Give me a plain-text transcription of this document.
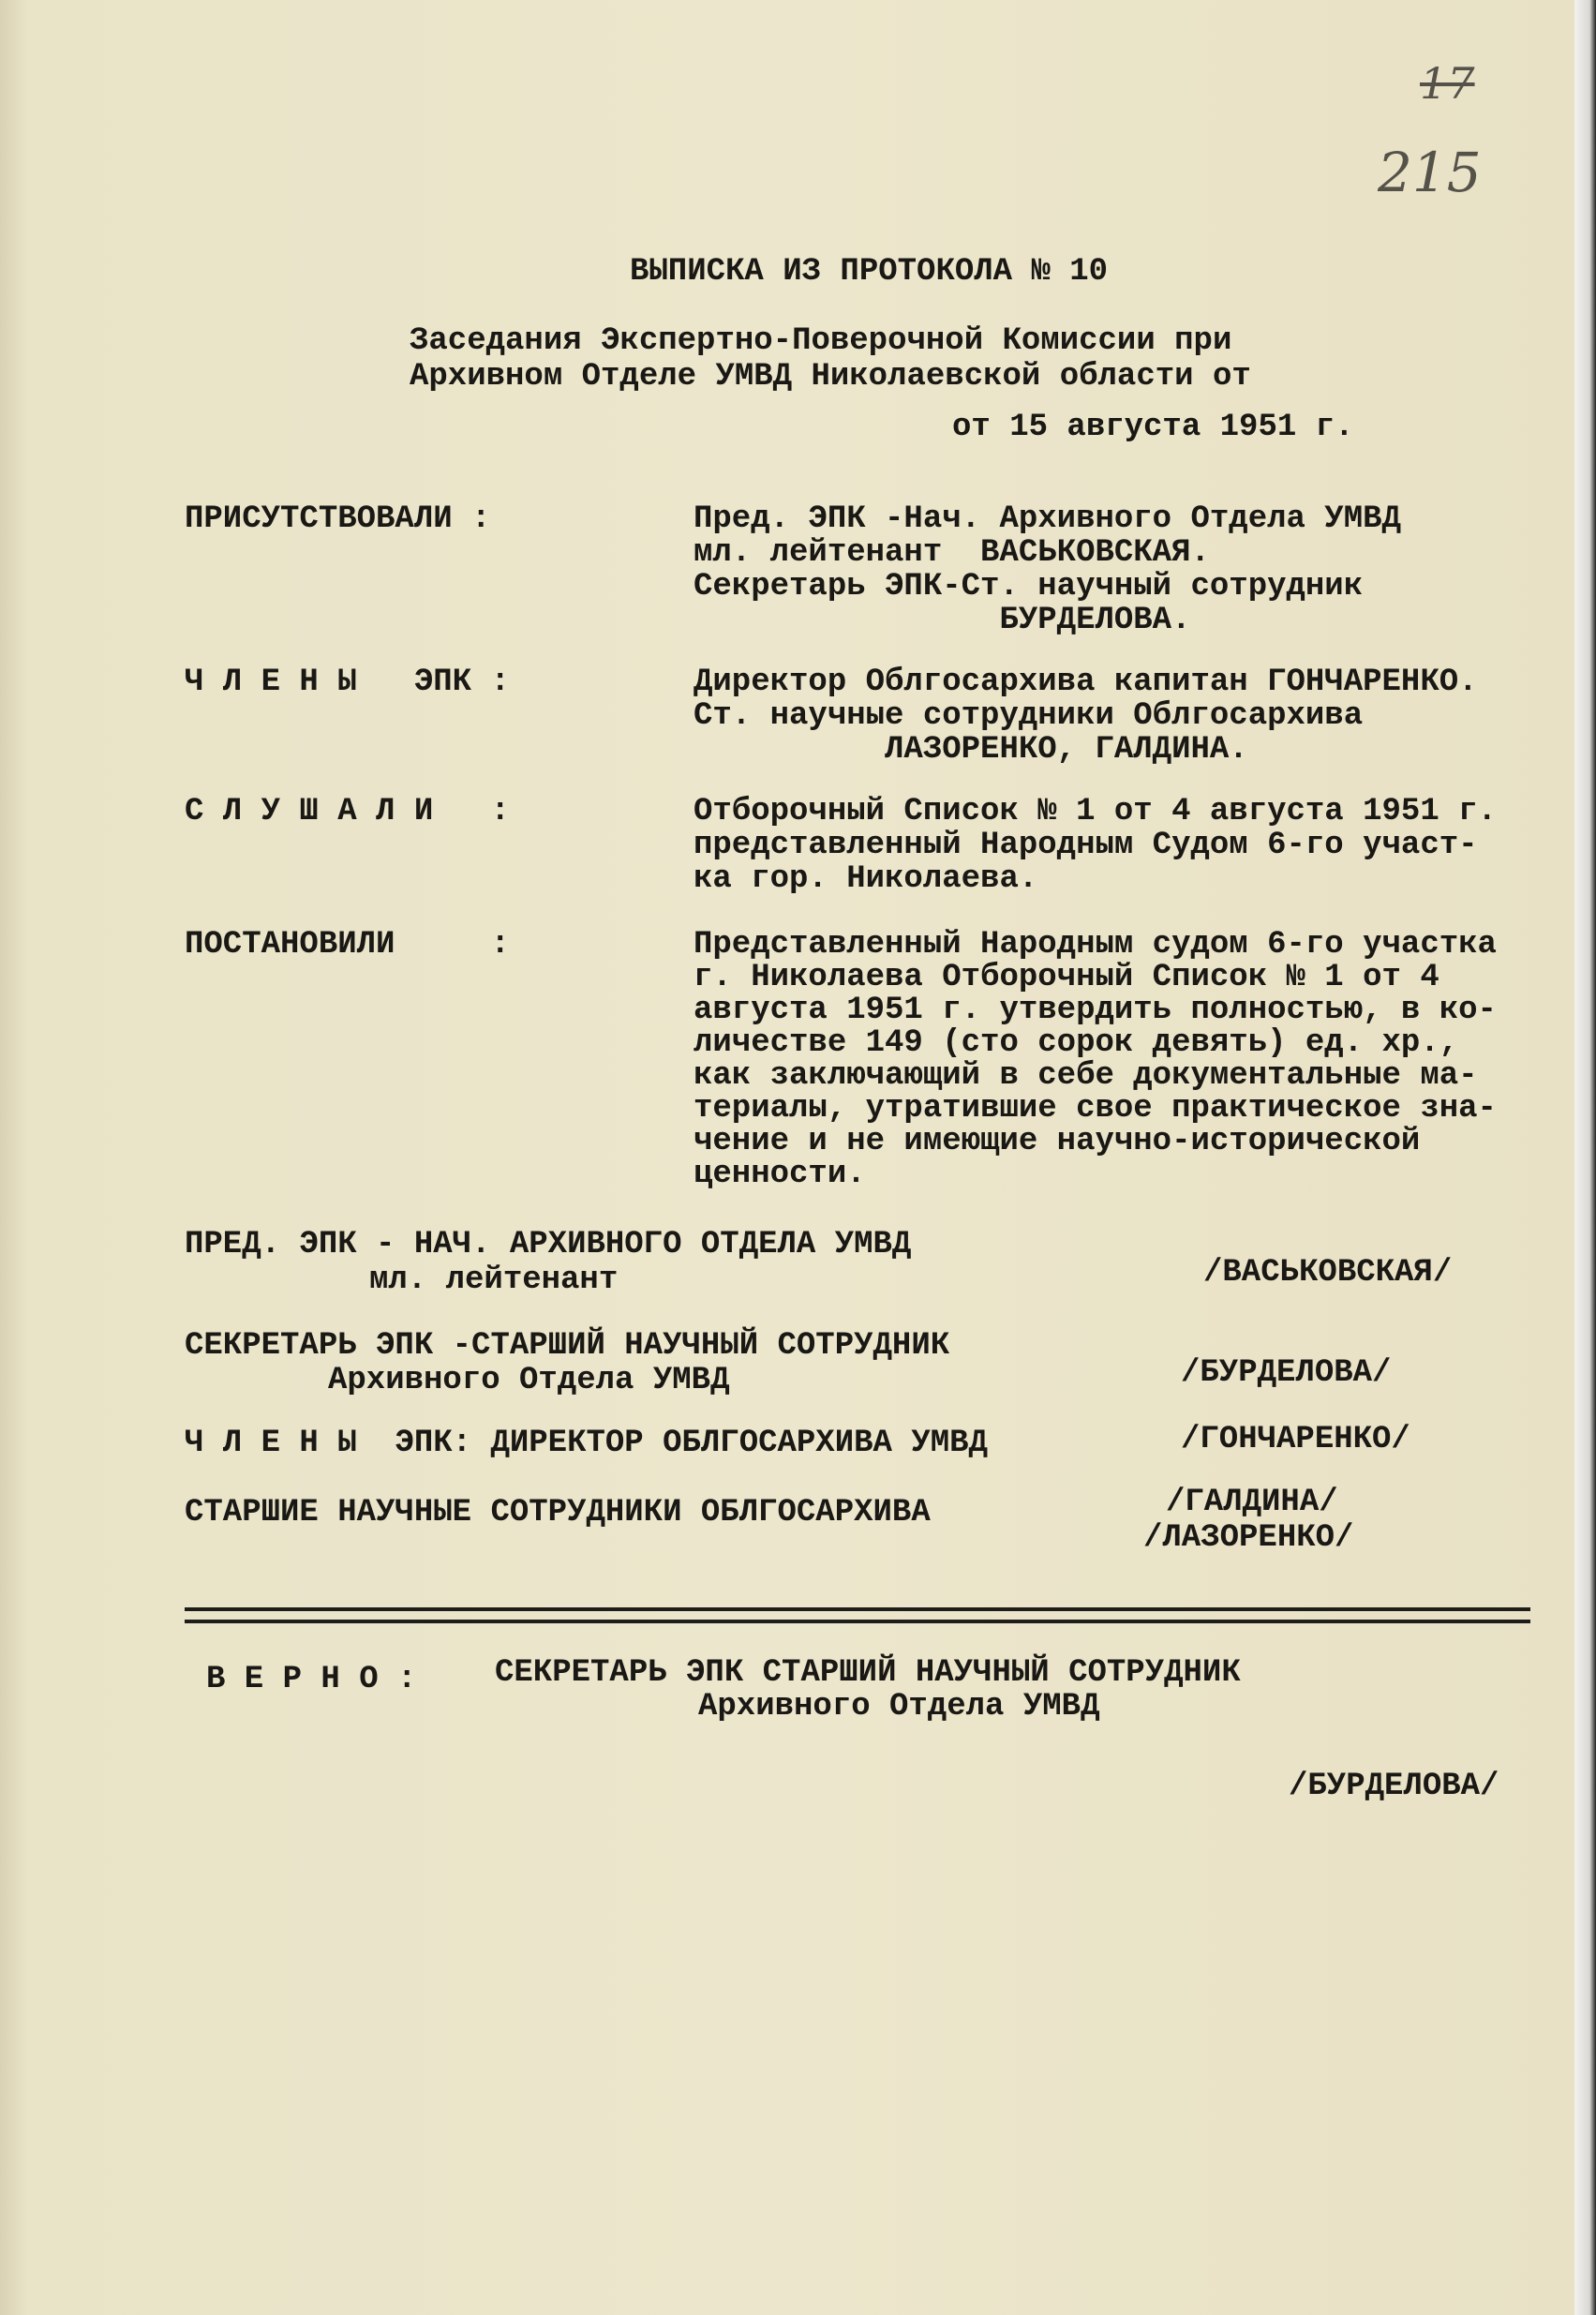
17
215
ВЫПИСКА ИЗ ПРОТОКОЛА № 10
Заседания Экспертно-Поверочной Комиссии при
Архивном Отделе УМВД Николаевской области от
от 15 августа 1951 г.
ПРИСУТСТВОВАЛИ :	Пред. ЭПК -Нач. Архивного Отдела УМВД
мл. лейтенант  ВАСЬКОВСКАЯ.
Секретарь ЭПК-Ст. научный сотрудник
БУРДЕЛОВА.
Ч Л Е Н Ы   ЭПК :	Директор Облгосархива капитан ГОНЧАРЕНКО.
Ст. научные сотрудники Облгосархива
ЛАЗОРЕНКО, ГАЛДИНА.
С Л У Ш А Л И   :	Отборочный Список № 1 от 4 августа 1951 г.
представленный Народным Судом 6-го участ-
ка гор. Николаева.
ПОСТАНОВИЛИ     :	Представленный Народным судом 6-го участка
г. Николаева Отборочный Список № 1 от 4
августа 1951 г. утвердить полностью, в ко-
личестве 149 (сто сорок девять) ед. хр.,
как заключающий в себе документальные ма-
териалы, утратившие свое практическое зна-
чение и не имеющие научно-исторической
ценности.
ПРЕД. ЭПК - НАЧ. АРХИВНОГО ОТДЕЛА УМВД
мл. лейтенант	/ВАСЬКОВСКАЯ/
СЕКРЕТАРЬ ЭПК -СТАРШИЙ НАУЧНЫЙ СОТРУДНИК
Архивного Отдела УМВД	/БУРДЕЛОВА/
Ч Л Е Н Ы  ЭПК: ДИРЕКТОР ОБЛГОСАРХИВА УМВД	/ГОНЧАРЕНКО/
СТАРШИЕ НАУЧНЫЕ СОТРУДНИКИ ОБЛГОСАРХИВА	/ГАЛДИНА/
/ЛАЗОРЕНКО/
В Е Р Н О : СЕКРЕТАРЬ ЭПК СТАРШИЙ НАУЧНЫЙ СОТРУДНИК
Архивного Отдела УМВД
/БУРДЕЛОВА/
